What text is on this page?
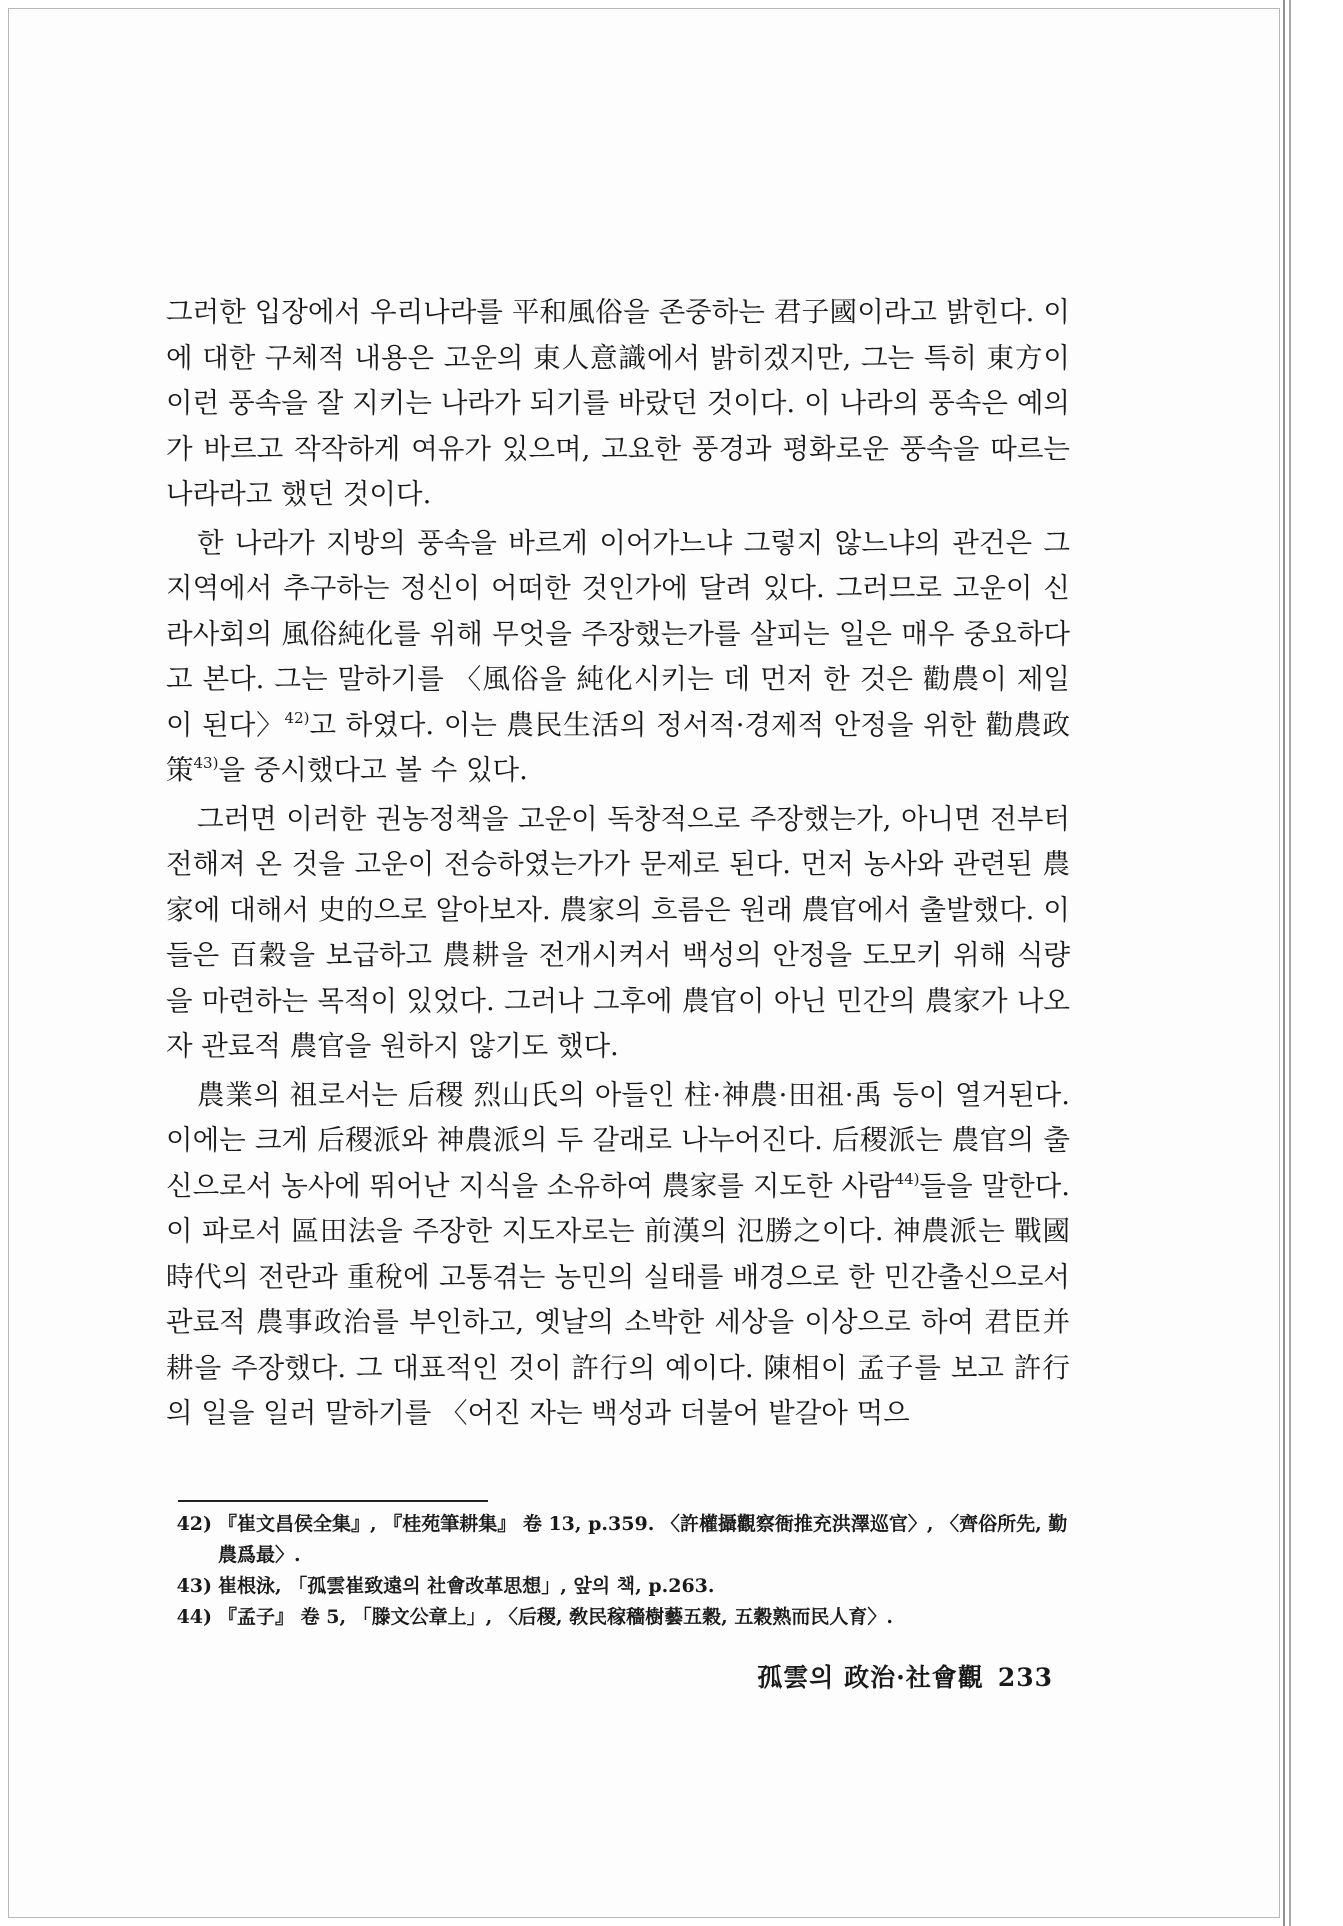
그러한 입장에서 우리나라를 平和風俗을 존중하는 君子國이라고 밝힌다. 이에 대한 구체적 내용은 고운의 東人意識에서 밝히겠지만, 그는 특히 東方이 이런 풍속을 잘 지키는 나라가 되기를 바랐던 것이다. 이 나라의 풍속은 예의가 바르고 작작하게 여유가 있으며, 고요한 풍경과 평화로운 풍속을 따르는 나라라고 했던 것이다.

한 나라가 지방의 풍속을 바르게 이어가느냐 그렇지 않느냐의 관건은 그 지역에서 추구하는 정신이 어떠한 것인가에 달려 있다. 그러므로 고운이 신라사회의 風俗純化를 위해 무엇을 주장했는가를 살피는 일은 매우 중요하다고 본다. 그는 말하기를 〈風俗을 純化시키는 데 먼저 한 것은 勸農이 제일이 된다〉$^{42)}$고 하였다. 이는 農民生活의 정서적·경제적 안정을 위한 勸農政策$^{43)}$을 중시했다고 볼 수 있다.

그러면 이러한 권농정책을 고운이 독창적으로 주장했는가, 아니면 전부터 전해져 온 것을 고운이 전승하였는가가 문제로 된다. 먼저 농사와 관련된 農家에 대해서 史的으로 알아보자. 農家의 흐름은 원래 農官에서 출발했다. 이들은 百穀을 보급하고 農耕을 전개시켜서 백성의 안정을 도모키 위해 식량을 마련하는 목적이 있었다. 그러나 그후에 農官이 아닌 민간의 農家가 나오자 관료적 農官을 원하지 않기도 했다.

農業의 祖로서는 后稷 烈山氏의 아들인 柱·神農·田祖·禹 등이 열거된다. 이에는 크게 后稷派와 神農派의 두 갈래로 나누어진다. 后稷派는 農官의 출신으로서 농사에 뛰어난 지식을 소유하여 農家를 지도한 사람$^{44)}$들을 말한다. 이 파로서 區田法을 주장한 지도자로는 前漢의 氾勝之이다. 神農派는 戰國時代의 전란과 重稅에 고통겪는 농민의 실태를 배경으로 한 민간출신으로서 관료적 農事政治를 부인하고, 옛날의 소박한 세상을 이상으로 하여 君臣并耕을 주장했다. 그 대표적인 것이 許行의 예이다. 陳相이 孟子를 보고 許行의 일을 일러 말하기를 〈어진 자는 백성과 더불어 밭갈아 먹으

42) 『崔文昌侯全集』, 『桂苑筆耕集』 卷 13, p.359. 〈許權攝觀察衙推充洪澤巡官〉, 〈齊俗所先, 勤農爲最〉.
43) 崔根泳, 「孤雲崔致遠의 社會改革思想」, 앞의 책, p.263.
44) 『孟子』 卷 5, 「滕文公章上」, 〈后稷, 敎民稼穡樹藝五穀, 五穀熟而民人育〉.
孤雲의 政治·社會觀 233
